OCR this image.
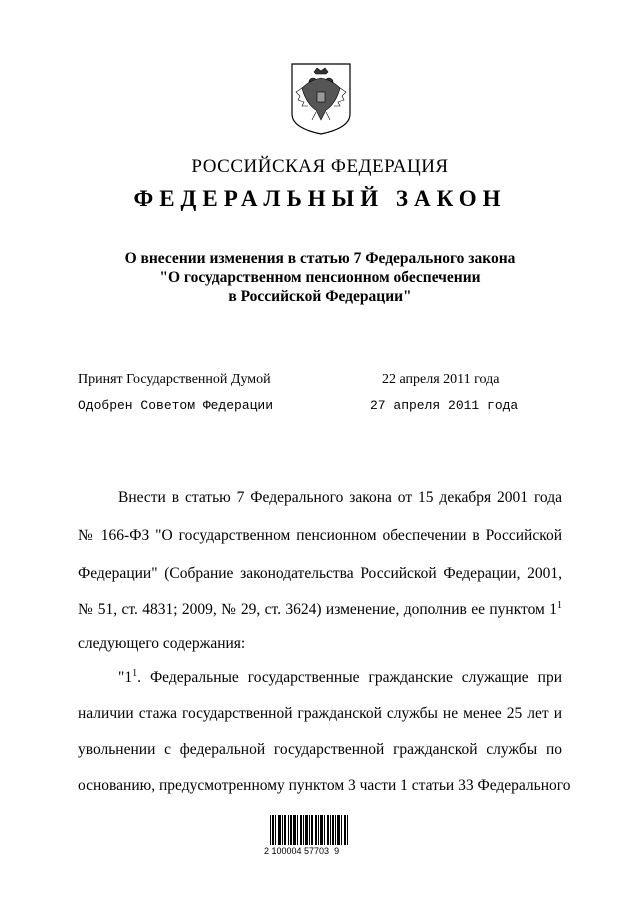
РОССИЙСКАЯ ФЕДЕРАЦИЯ
ФЕДЕРАЛЬНЫЙ ЗАКОН
О внесении изменения в статью 7 Федерального закона
"О государственном пенсионном обеспечении
в Российской Федерации"
Принят Государственной Думой	22 апреля 2011 года
Одобрен Советом Федерации	27 апреля 2011 года
Внести в статью 7 Федерального закона от 15 декабря 2001 года
№ 166-ФЗ "О государственном пенсионном обеспечении в Российской
Федерации" (Собрание законодательства Российской Федерации, 2001,
№ 51, ст. 4831; 2009, № 29, ст. 3624) изменение, дополнив ее пунктом $1^1$
следующего содержания:
"$1^1$. Федеральные государственные гражданские служащие при
наличии стажа государственной гражданской службы не менее 25 лет и
увольнении с федеральной государственной гражданской службы по
основанию, предусмотренному пунктом 3 части 1 статьи 33 Федерального
2 100004 57703  9
